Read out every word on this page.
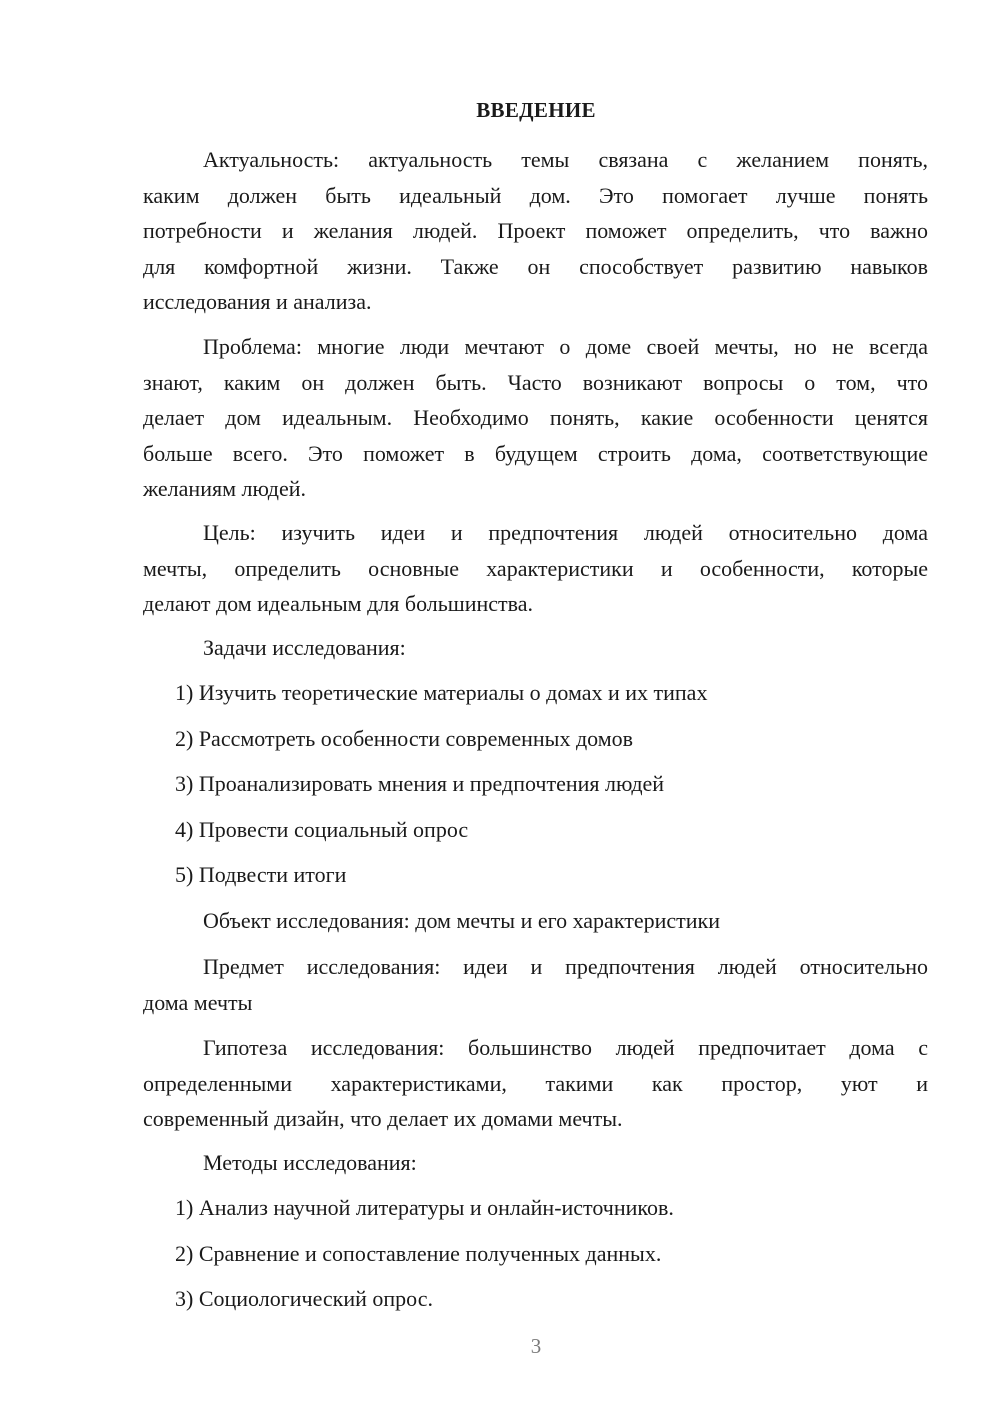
ВВЕДЕНИЕ
Актуальность: актуальность темы связана с желанием понять,
каким должен быть идеальный дом. Это помогает лучше понять
потребности и желания людей. Проект поможет определить, что важно
для комфортной жизни. Также он способствует развитию навыков
исследования и анализа.
Проблема: многие люди мечтают о доме своей мечты, но не всегда
знают, каким он должен быть. Часто возникают вопросы о том, что
делает дом идеальным. Необходимо понять, какие особенности ценятся
больше всего. Это поможет в будущем строить дома, соответствующие
желаниям людей.
Цель: изучить идеи и предпочтения людей относительно дома
мечты, определить основные характеристики и особенности, которые
делают дом идеальным для большинства.
Задачи исследования:
1) Изучить теоретические материалы о домах и их типах
2) Рассмотреть особенности современных домов
3) Проанализировать мнения и предпочтения людей
4) Провести социальный опрос
5) Подвести итоги
Объект исследования: дом мечты и его характеристики
Предмет исследования: идеи и предпочтения людей относительно
дома мечты
Гипотеза исследования: большинство людей предпочитает дома с
определенными характеристиками, такими как простор, уют и
современный дизайн, что делает их домами мечты.
Методы исследования:
1) Анализ научной литературы и онлайн-источников.
2) Сравнение и сопоставление полученных данных.
3) Социологический опрос.
3
